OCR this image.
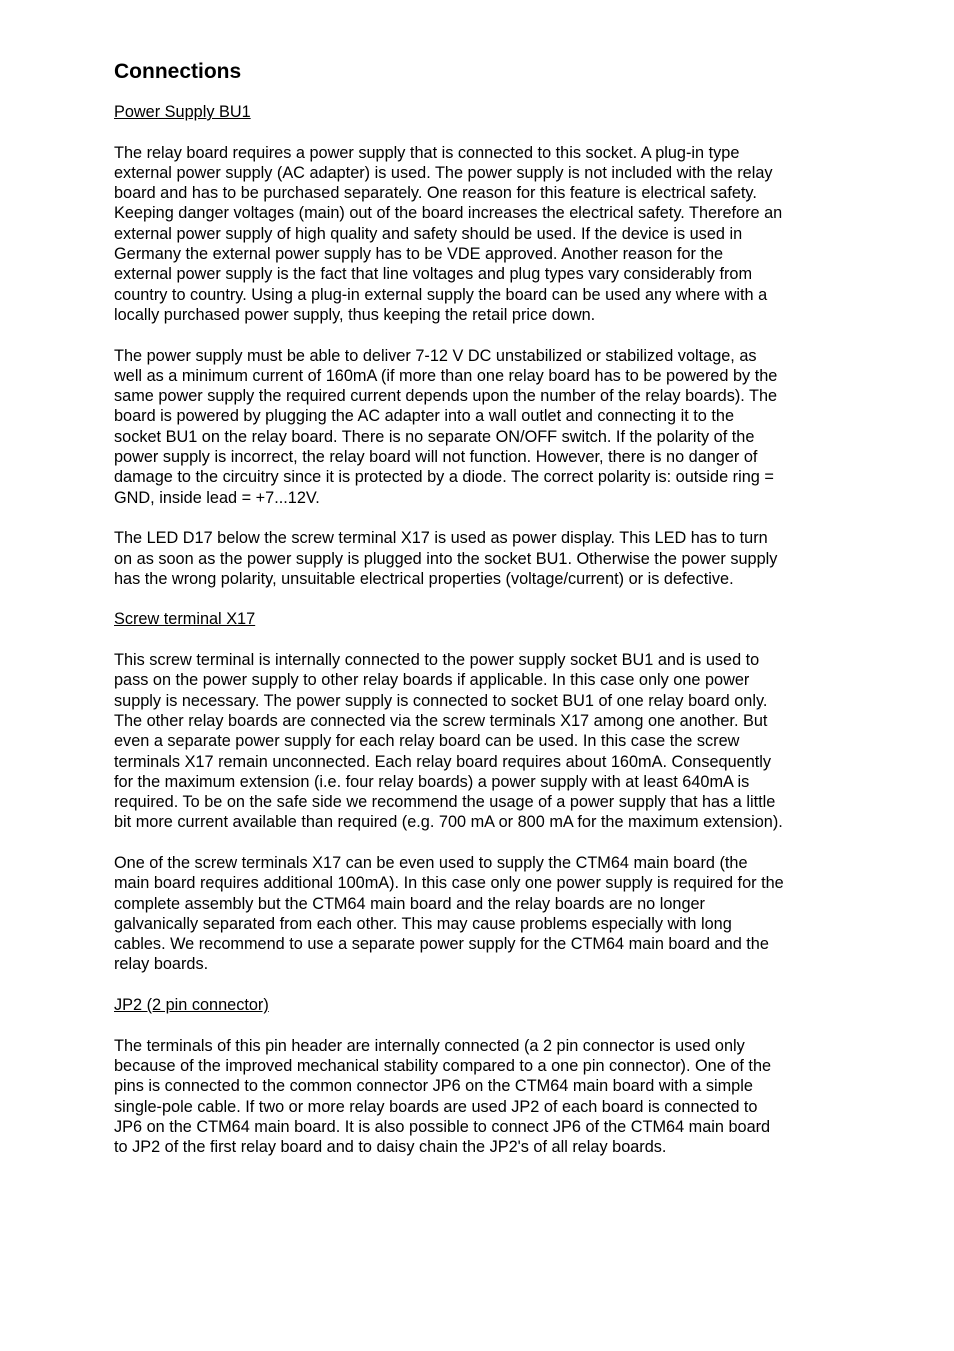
Connections
Power Supply BU1

The relay board requires a power supply that is connected to this socket. A plug-in type
external power supply (AC adapter) is used. The power supply is not included with the relay
board and has to be purchased separately. One reason for this feature is electrical safety.
Keeping danger voltages (main) out of the board increases the electrical safety. Therefore an
external power supply of high quality and safety should be used. If the device is used in
Germany the external power supply has to be VDE approved. Another reason for the
external power supply is the fact that line voltages and plug types vary considerably from
country to country. Using a plug-in external supply the board can be used any where with a
locally purchased power supply, thus keeping the retail price down.

The power supply must be able to deliver 7-12 V DC unstabilized or stabilized voltage, as
well as a minimum current of 160mA (if more than one relay board has to be powered by the
same power supply the required current depends upon the number of the relay boards). The
board is powered by plugging the AC adapter into a wall outlet and connecting it to the
socket BU1 on the relay board. There is no separate ON/OFF switch. If the polarity of the
power supply is incorrect, the relay board will not function. However, there is no danger of
damage to the circuitry since it is protected by a diode. The correct polarity is: outside ring =
GND, inside lead = +7...12V.

The LED D17 below the screw terminal X17 is used as power display. This LED has to turn
on as soon as the power supply is plugged into the socket BU1. Otherwise the power supply
has the wrong polarity, unsuitable electrical properties (voltage/current) or is defective.

Screw terminal X17

This screw terminal is internally connected to the power supply socket BU1 and is used to
pass on the power supply to other relay boards if applicable. In this case only one power
supply is necessary. The power supply is connected to socket BU1 of one relay board only.
The other relay boards are connected via the screw terminals X17 among one another. But
even a separate power supply for each relay board can be used. In this case the screw
terminals X17 remain unconnected. Each relay board requires about 160mA. Consequently
for the maximum extension (i.e. four relay boards) a power supply with at least 640mA is
required. To be on the safe side we recommend the usage of a power supply that has a little
bit more current available than required (e.g. 700 mA or 800 mA for the maximum extension).

One of the screw terminals X17 can be even used to supply the CTM64 main board (the
main board requires additional 100mA). In this case only one power supply is required for the
complete assembly but the CTM64 main board and the relay boards are no longer
galvanically separated from each other. This may cause problems especially with long
cables. We recommend to use a separate power supply for the CTM64 main board and the
relay boards.

JP2 (2 pin connector)

The terminals of this pin header are internally connected (a 2 pin connector is used only
because of the improved mechanical stability compared to a one pin connector). One of the
pins is connected to the common connector JP6 on the CTM64 main board with a simple
single-pole cable. If two or more relay boards are used JP2 of each board is connected to
JP6 on the CTM64 main board. It is also possible to connect JP6 of the CTM64 main board
to JP2 of the first relay board and to daisy chain the JP2's of all relay boards.
